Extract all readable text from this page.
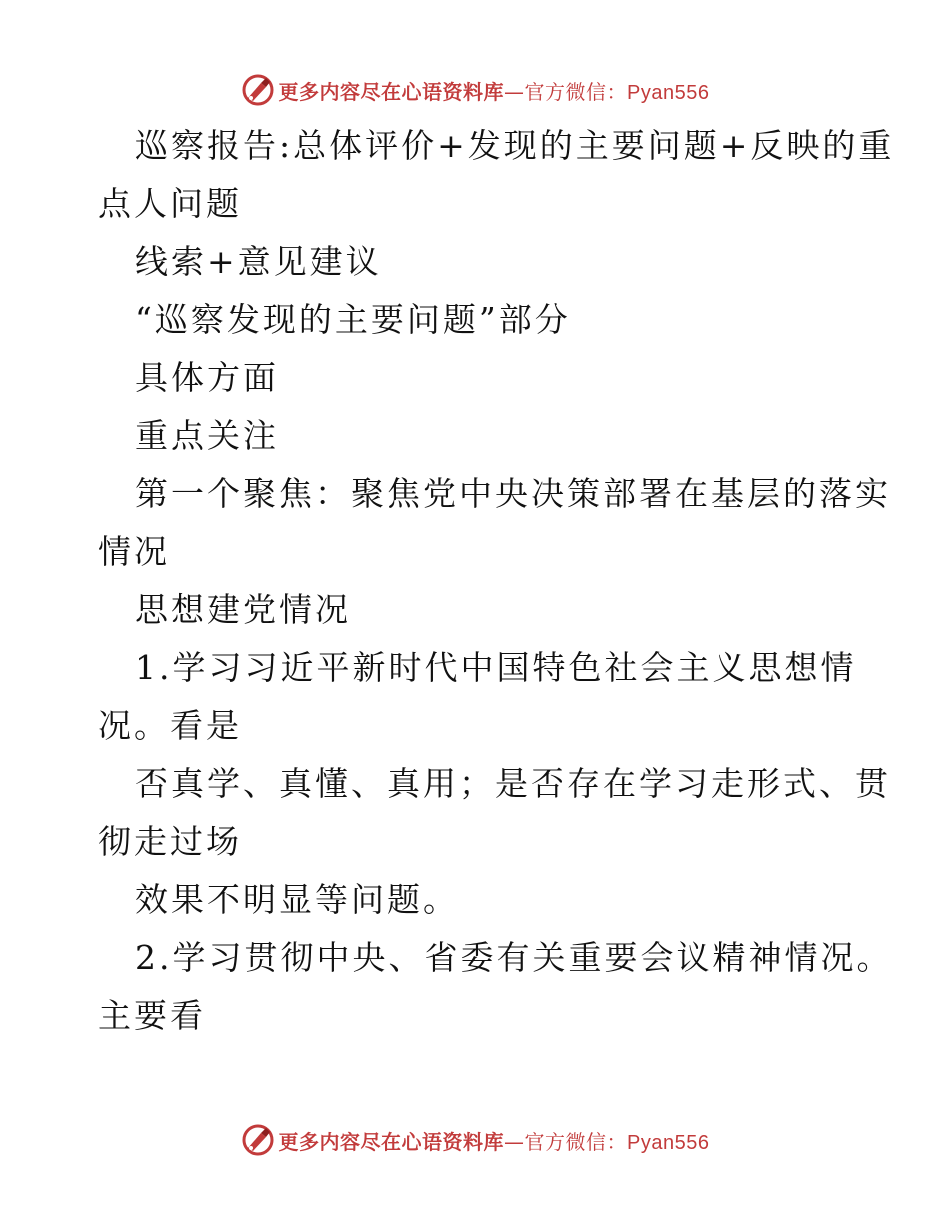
更多内容尽在心语资料库—官方微信：Pyan556
巡察报告:总体评价+发现的主要问题+反映的重
点人问题
线索+意见建议
“巡察发现的主要问题”部分
具体方面
重点关注
第一个聚焦：聚焦党中央决策部署在基层的落实
情况
思想建党情况
1.学习习近平新时代中国特色社会主义思想情
况。看是
否真学、真懂、真用；是否存在学习走形式、贯
彻走过场
效果不明显等问题。
2.学习贯彻中央、省委有关重要会议精神情况。
主要看
更多内容尽在心语资料库—官方微信：Pyan556
